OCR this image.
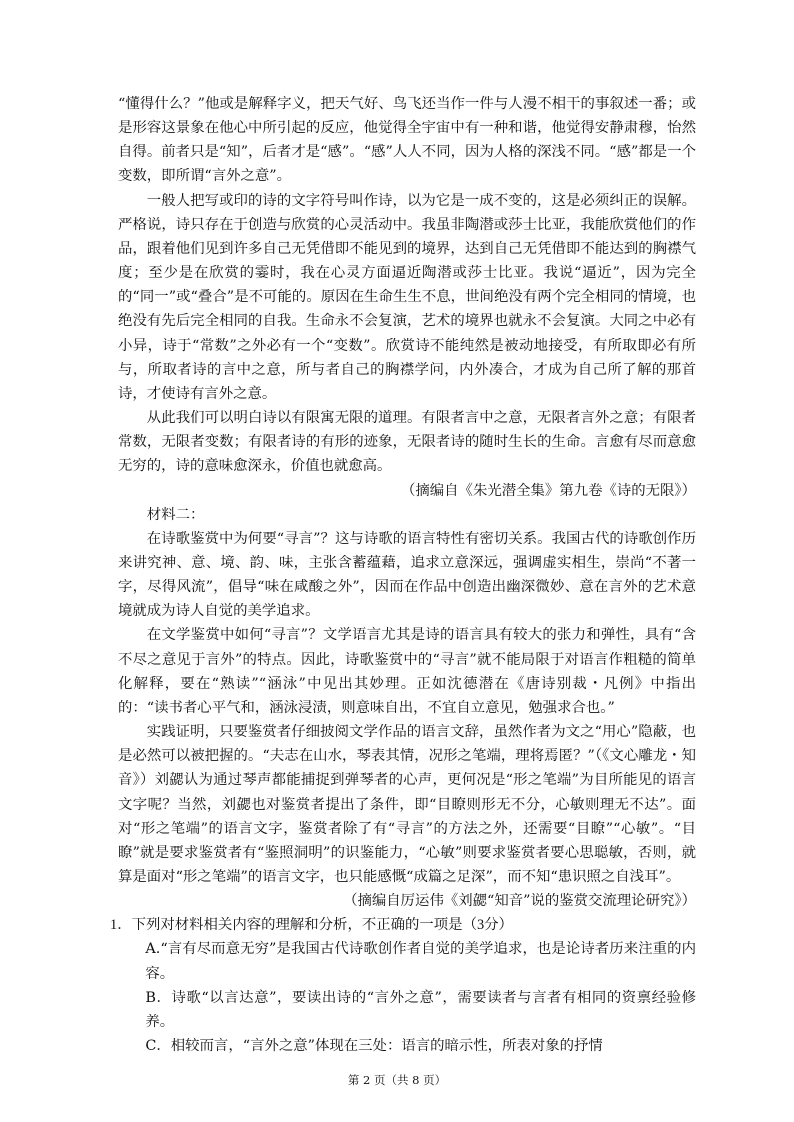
“懂得什么？”他或是解释字义，把天气好、鸟飞还当作一件与人漫不相干的事叙述一番；或是形容这景象在他心中所引起的反应，他觉得全宇宙中有一种和谐，他觉得安静肃穆，怡然自得。前者只是“知”，后者才是“感”。“感”人人不同，因为人格的深浅不同。“感”都是一个变数，即所谓“言外之意”。

一般人把写或印的诗的文字符号叫作诗，以为它是一成不变的，这是必须纠正的误解。严格说，诗只存在于创造与欣赏的心灵活动中。我虽非陶潜或莎士比亚，我能欣赏他们的作品，跟着他们见到许多自己无凭借即不能见到的境界，达到自己无凭借即不能达到的胸襟气度；至少是在欣赏的霎时，我在心灵方面逼近陶潜或莎士比亚。我说“逼近”，因为完全的“同一”或“叠合”是不可能的。原因在生命生生不息，世间绝没有两个完全相同的情境，也绝没有先后完全相同的自我。生命永不会复演，艺术的境界也就永不会复演。大同之中必有小异，诗于“常数”之外必有一个“变数”。欣赏诗不能纯然是被动地接受，有所取即必有所与，所取者诗的言中之意，所与者自己的胸襟学问，内外凑合，才成为自己所了解的那首诗，才使诗有言外之意。

从此我们可以明白诗以有限寓无限的道理。有限者言中之意，无限者言外之意；有限者常数，无限者变数；有限者诗的有形的迹象，无限者诗的随时生长的生命。言愈有尽而意愈无穷的，诗的意味愈深永，价值也就愈高。

（摘编自《朱光潜全集》第九卷《诗的无限》）

材料二：

在诗歌鉴赏中为何要“寻言”？这与诗歌的语言特性有密切关系。我国古代的诗歌创作历来讲究神、意、境、韵、味，主张含蓄蕴藉，追求立意深远，强调虚实相生，崇尚“不著一字，尽得风流”，倡导“味在咸酸之外”，因而在作品中创造出幽深微妙、意在言外的艺术意境就成为诗人自觉的美学追求。

在文学鉴赏中如何“寻言”？文学语言尤其是诗的语言具有较大的张力和弹性，具有“含不尽之意见于言外”的特点。因此，诗歌鉴赏中的“寻言”就不能局限于对语言作粗糙的简单化解释，要在“熟读”“涵泳”中见出其妙理。正如沈德潜在《唐诗别裁・凡例》中指出的：“读书者心平气和，涵泳浸渍，则意味自出，不宜自立意见，勉强求合也。”

实践证明，只要鉴赏者仔细披阅文学作品的语言文辞，虽然作者为文之“用心”隐蔽，也是必然可以被把握的。“夫志在山水，琴表其情，况形之笔端，理将焉匿？”（《文心雕龙・知音》）刘勰认为通过琴声都能捕捉到弹琴者的心声，更何况是“形之笔端”为目所能见的语言文字呢？当然，刘勰也对鉴赏者提出了条件，即“目瞭则形无不分，心敏则理无不达”。面对“形之笔端”的语言文字，鉴赏者除了有“寻言”的方法之外，还需要“目瞭”“心敏”。“目瞭”就是要求鉴赏者有“鉴照洞明”的识鉴能力，“心敏”则要求鉴赏者要心思聪敏，否则，就算是面对“形之笔端”的语言文字，也只能感慨“成篇之足深”，而不知“患识照之自浅耳”。

（摘编自厉运伟《刘勰“知音”说的鉴赏交流理论研究》）

1．下列对材料相关内容的理解和分析，不正确的一项是（3分）

A.“言有尽而意无穷”是我国古代诗歌创作者自觉的美学追求，也是论诗者历来注重的内容。

B．诗歌“以言达意”，要读出诗的“言外之意”，需要读者与言者有相同的资禀经验修养。

C．相较而言，“言外之意”体现在三处：语言的暗示性，所表对象的抒情

第 2 页（共 8 页）
